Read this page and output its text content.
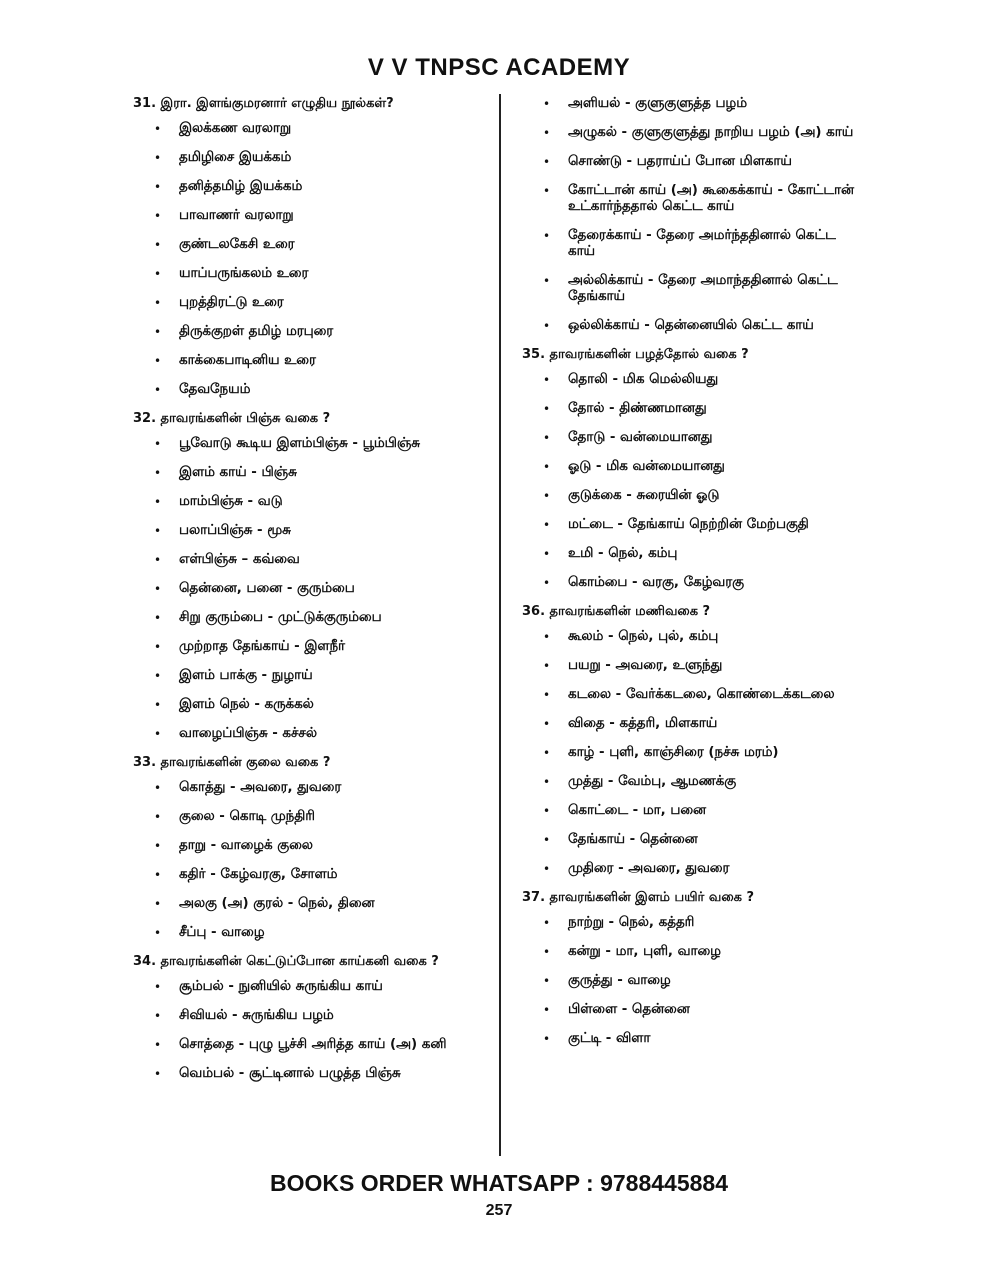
V V TNPSC ACADEMY
31. இரா. இளங்குமரனார் எழுதிய நூல்கள்?
• இலக்கண வரலாறு
• தமிழிசை இயக்கம்
• தனித்தமிழ் இயக்கம்
• பாவாணர் வரலாறு
• குண்டலகேசி உரை
• யாப்பருங்கலம் உரை
• புறத்திரட்டு உரை
• திருக்குறள் தமிழ் மரபுரை
• காக்கைபாடினிய உரை
• தேவநேயம்
32. தாவரங்களின் பிஞ்சு வகை ?
• பூவோடு கூடிய இளம்பிஞ்சு - பூம்பிஞ்சு
• இளம் காய் - பிஞ்சு
• மாம்பிஞ்சு - வடு
• பலாப்பிஞ்சு - மூசு
• எள்பிஞ்சு – கவ்வை
• தென்னை, பனை - குரும்பை
• சிறு குரும்பை - முட்டுக்குரும்பை
• முற்றாத தேங்காய் - இளநீர்
• இளம் பாக்கு - நுழாய்
• இளம் நெல் - கருக்கல்
• வாழைப்பிஞ்சு - கச்சல்
33. தாவரங்களின் குலை வகை ?
• கொத்து - அவரை, துவரை
• குலை - கொடி முந்திரி
• தாறு - வாழைக் குலை
• கதிர் - கேழ்வரகு, சோளம்
• அலகு (அ) குரல் - நெல், தினை
• சீப்பு - வாழை
34. தாவரங்களின் கெட்டுப்போன காய்கனி வகை ?
• சூம்பல் - நுனியில் சுருங்கிய காய்
• சிவியல் - சுருங்கிய பழம்
• சொத்தை - புழு பூச்சி அரித்த காய் (அ) கனி
• வெம்பல் - சூட்டினால் பழுத்த பிஞ்சு
• அளியல் - குளுகுளுத்த பழம்
• அழுகல் - குளுகுளுத்து நாறிய பழம் (அ) காய்
• சொண்டு - பதராய்ப் போன மிளகாய்
• கோட்டான் காய் (அ) கூகைக்காய் - கோட்டான் உட்கார்ந்ததால் கெட்ட காய்
• தேரைக்காய் - தேரை அமர்ந்ததினால் கெட்ட காய்
• அல்லிக்காய் - தேரை அமாந்ததினால் கெட்ட தேங்காய்
• ஒல்லிக்காய் - தென்னையில் கெட்ட காய்
35. தாவரங்களின் பழத்தோல் வகை ?
• தொலி - மிக மெல்லியது
• தோல் - திண்ணமானது
• தோடு - வன்மையானது
• ஓடு - மிக வன்மையானது
• குடுக்கை - சுரையின் ஓடு
• மட்டை - தேங்காய் நெற்றின் மேற்பகுதி
• உமி - நெல், கம்பு
• கொம்பை - வரகு, கேழ்வரகு
36. தாவரங்களின் மணிவகை ?
• கூலம் - நெல், புல், கம்பு
• பயறு - அவரை, உளுந்து
• கடலை - வேர்க்கடலை, கொண்டைக்கடலை
• விதை - கத்தரி, மிளகாய்
• காழ் - புளி, காஞ்சிரை (நச்சு மரம்)
• முத்து - வேம்பு, ஆமணக்கு
• கொட்டை - மா, பனை
• தேங்காய் - தென்னை
• முதிரை - அவரை, துவரை
37. தாவரங்களின் இளம் பயிர் வகை ?
• நாற்று - நெல், கத்தரி
• கன்று - மா, புளி, வாழை
• குருத்து - வாழை
• பிள்ளை - தென்னை
• குட்டி - விளா
BOOKS ORDER WHATSAPP : 9788445884
257
